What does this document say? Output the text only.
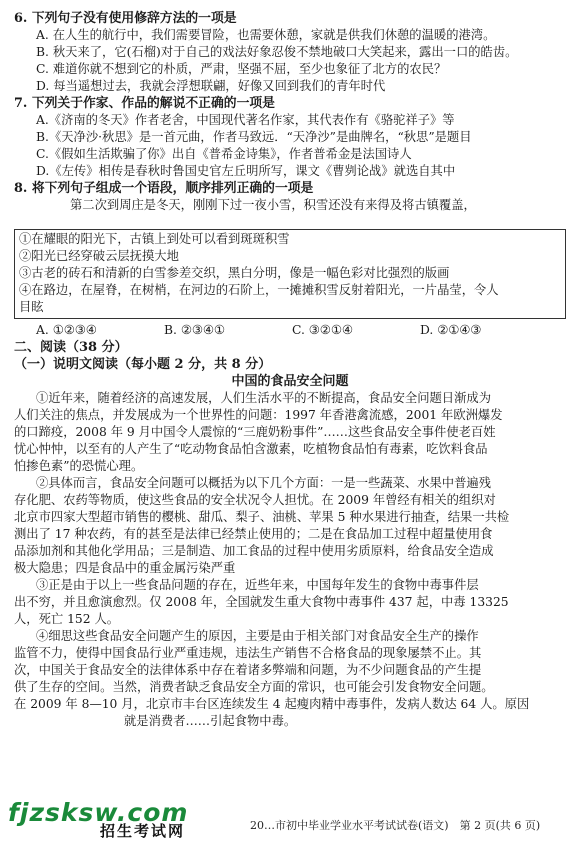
6. 下列句子没有使用修辞方法的一项是
A. 在人生的航行中，我们需要冒险，也需要休憩，家就是供我们休憩的温暖的港湾。
B. 秋天来了，它(石榴)对于自己的戏法好象忍俊不禁地破口大笑起来，露出一口的皓齿。
C. 难道你就不想到它的朴质，严肃，坚强不屈，至少也象征了北方的农民？
D. 每当遥想过去，我就会浮想联翩，好像又回到我们的青年时代
7. 下列关于作家、作品的解说不正确的一项是
A.《济南的冬天》作者老舍，中国现代著名作家，其代表作有《骆驼祥子》等
B.《天净沙·秋思》是一首元曲，作者马致远．“天净沙”是曲牌名，“秋思”是题目
C.《假如生活欺骗了你》出自《普希金诗集》，作者普希金是法国诗人
D.《左传》相传是春秋时鲁国史官左丘明所写，课文《曹刿论战》就选自其中
8. 将下列句子组成一个语段，顺序排列正确的一项是
第二次到周庄是冬天，刚刚下过一夜小雪，积雪还没有来得及将古镇覆盖，
①在耀眼的阳光下，古镇上到处可以看到斑斑积雪
②阳光已经穿破云层抚摸大地
③古老的砖石和清新的白雪参差交织，黑白分明，像是一幅色彩对比强烈的版画
④在路边，在屋脊，在树梢，在河边的石阶上，一摊摊积雪反射着阳光，一片晶莹，令人
目眩
A. ①②③④	B. ②③④①	C. ③②①④	D. ②①④③
二、阅读（38 分）
（一）说明文阅读（每小题 2 分，共 8 分）
中国的食品安全问题
①近年来，随着经济的高速发展，人们生活水平的不断提高，食品安全问题日渐成为
人们关注的焦点，并发展成为一个世界性的问题：1997 年香港禽流感，2001 年欧洲爆发
的口蹄疫，2008 年 9 月中国令人震惊的“三鹿奶粉事件”……这些食品安全事件使老百姓
忧心忡忡，以至有的人产生了“吃动物食品怕含激素，吃植物食品怕有毒素，吃饮料食品
怕掺色素”的恐慌心理。
②具体而言，食品安全问题可以概括为以下几个方面：一是一些蔬菜、水果中普遍残
存化肥、农药等物质，使这些食品的安全状况令人担忧。在 2009 年曾经有相关的组织对
北京市四家大型超市销售的樱桃、甜瓜、梨子、油桃、苹果 5 种水果进行抽查，结果一共检
测出了 17 种农药，有的甚至是法律已经禁止使用的；二是在食品加工过程中超量使用食
品添加剂和其他化学用品；三是制造、加工食品的过程中使用劣质原料，给食品安全造成
极大隐患；四是食品中的重金属污染严重
③正是由于以上一些食品问题的存在，近些年来，中国每年发生的食物中毒事件层
出不穷，并且愈演愈烈。仅 2008 年，全国就发生重大食物中毒事件 437 起，中毒 13325
人，死亡 152 人。
④细思这些食品安全问题产生的原因，主要是由于相关部门对食品安全生产的操作
监管不力，使得中国食品行业严重违规，违法生产销售不合格食品的现象屡禁不止。其
次，中国关于食品安全的法律体系中存在着诸多弊端和问题，为不少问题食品的产生提
供了生存的空间。当然，消费者缺乏食品安全方面的常识，也可能会引发食物安全问题。
在 2009 年 8—10 月，北京市丰台区连续发生 4 起瘦肉精中毒事件，发病人数达 64 人。原因
就是消费者……引起食物中毒。
fjzsksw.com
招生考试网	20…市初中毕业学业水平考试试卷(语文)　第 2 页(共 6 页)
